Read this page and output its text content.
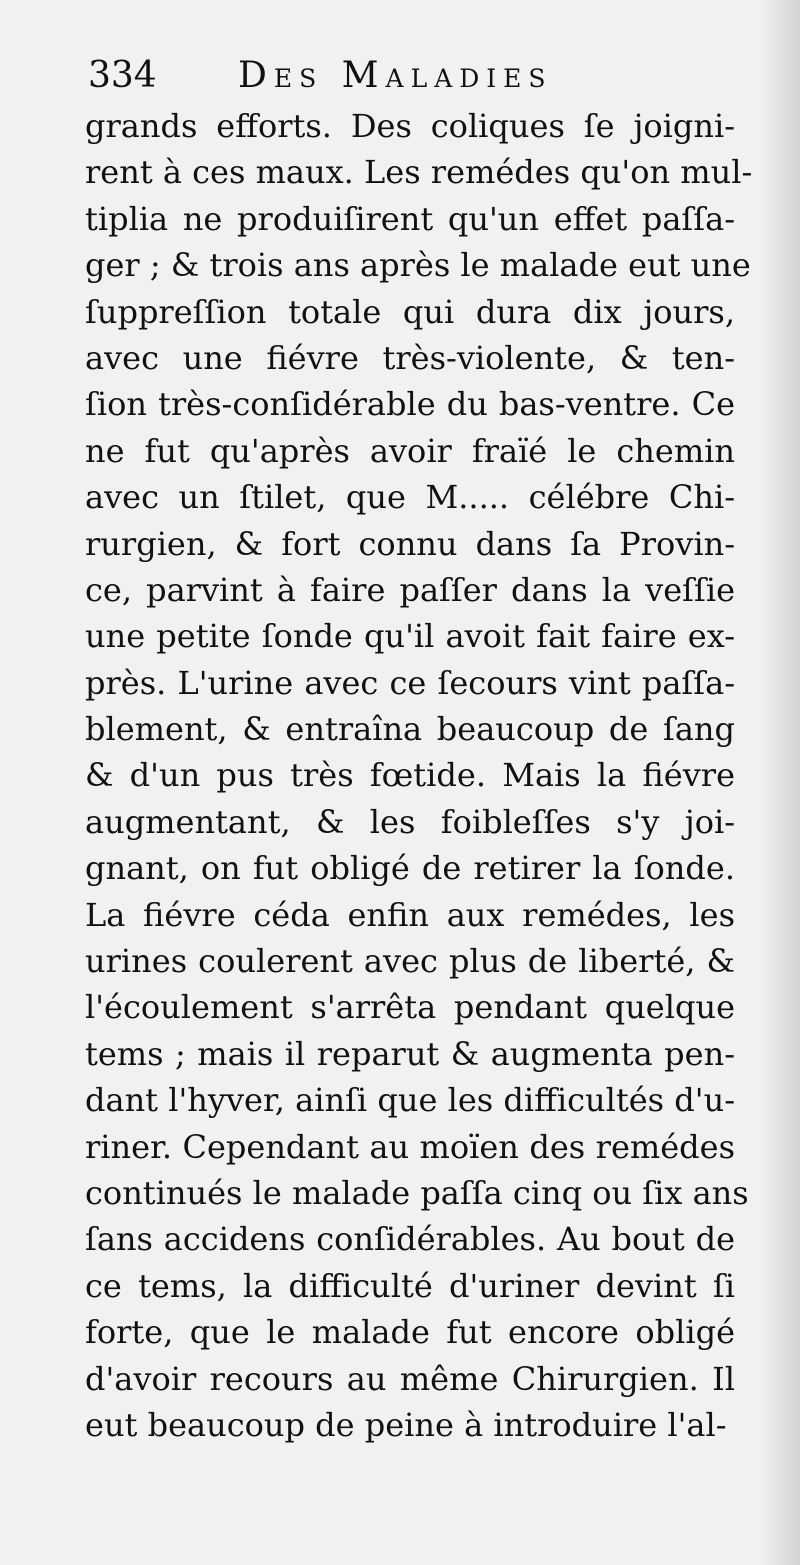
334 Des Maladies
grands efforts. Des coliques ſe joigni-
rent à ces maux. Les remédes qu'on mul-
tiplia ne produiſirent qu'un effet paſſa-
ger ; & trois ans après le malade eut une
ſuppreſſion totale qui dura dix jours,
avec une fiévre très-violente, & ten-
ſion très-conſidérable du bas-ventre. Ce
ne fut qu'après avoir fraïé le chemin
avec un ſtilet, que M..... célébre Chi-
rurgien, & fort connu dans ſa Provin-
ce, parvint à faire paſſer dans la veſſie
une petite ſonde qu'il avoit fait faire ex-
près. L'urine avec ce ſecours vint paſſa-
blement, & entraîna beaucoup de ſang
& d'un pus très fœtide. Mais la fiévre
augmentant, & les foibleſſes s'y joi-
gnant, on fut obligé de retirer la ſonde.
La fiévre céda enfin aux remédes, les
urines coulerent avec plus de liberté, &
l'écoulement s'arrêta pendant quelque
tems ; mais il reparut & augmenta pen-
dant l'hyver, ainſi que les difficultés d'u-
riner. Cependant au moïen des remédes
continués le malade paſſa cinq ou ſix ans
ſans accidens conſidérables. Au bout de
ce tems, la difficulté d'uriner devint ſi
forte, que le malade fut encore obligé
d'avoir recours au même Chirurgien. Il
eut beaucoup de peine à introduire l'al-
